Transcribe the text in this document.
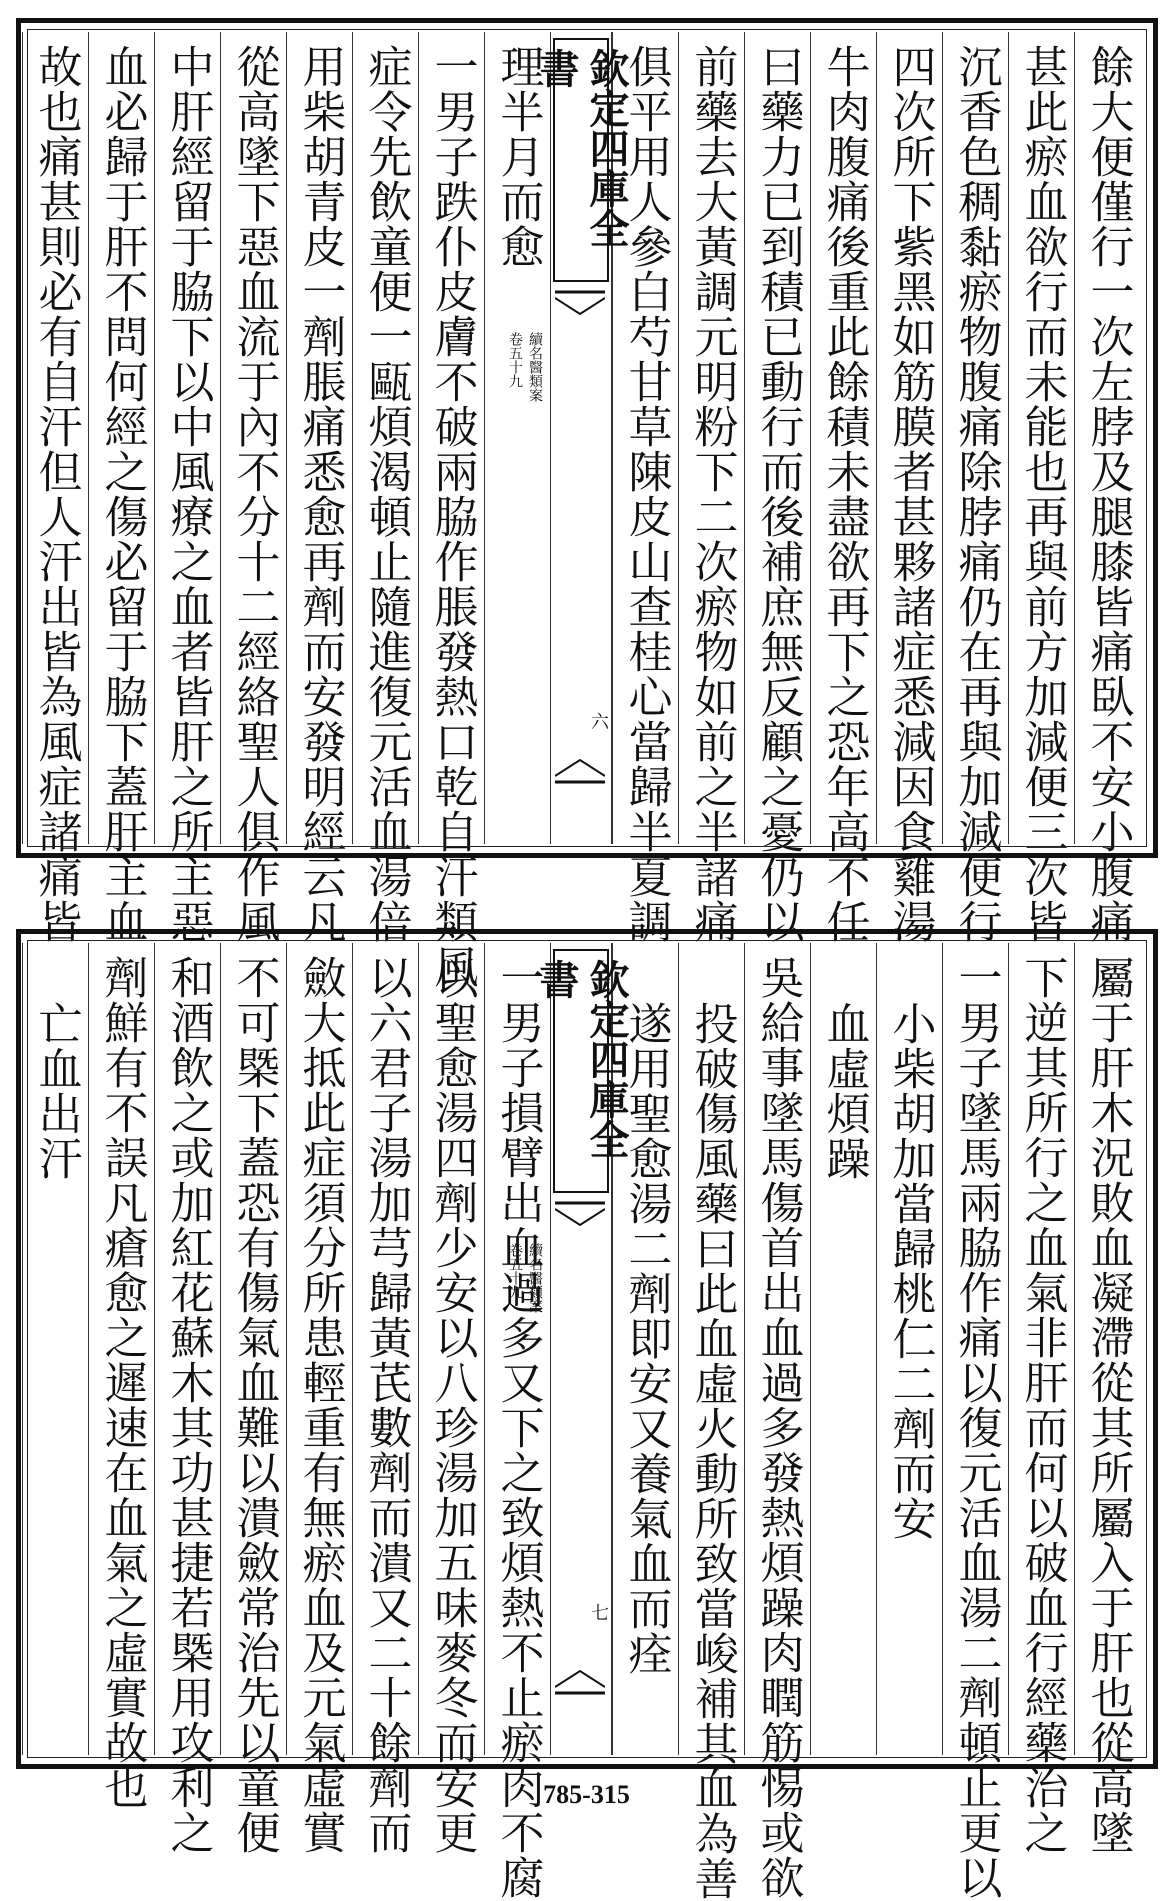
餘大便僅行一次左脖及腿膝皆痛臥不安小腹痛
甚此瘀血欲行而未能也再與前方加減便三次皆
沉香色稠黏瘀物腹痛除脖痛仍在再與加減便行
四次所下紫黑如筋膜者甚夥諸症悉減因食雞湯
牛肉腹痛後重此餘積未盡欲再下之恐年高不任
曰藥力已到積已動行而後補庶無反顧之憂仍以
前藥去大黃調元明粉下二次瘀物如前之半諸痛
俱平用人參白芍甘草陳皮山查桂心當歸半夏調
欽定四庫全書
卷五十九 續名醫類案
六
理半月而愈
一男子跌仆皮膚不破兩脇作脹發熱口乾自汗類風
症令先飲童便一甌煩渴頓止隨進復元活血湯倍
用柴胡青皮一劑脹痛悉愈再劑而安發明經云凡
從高墜下惡血流于內不分十二經絡聖人俱作風
中肝經留于脇下以中風療之血者皆肝之所主惡
血必歸于肝不問何經之傷必留于脇下蓋肝主血
故也痛甚則必有自汗但人汗出皆為風症諸痛皆
屬于肝木況敗血凝滯從其所屬入于肝也從高墜
下逆其所行之血氣非肝而何以破血行經藥治之
一男子墜馬兩脇作痛以復元活血湯二劑頓止更以
小柴胡加當歸桃仁二劑而安
血虛煩躁
吳給事墜馬傷首出血過多發熱煩躁肉瞤筋惕或欲
投破傷風藥曰此血虛火動所致當峻補其血為善
遂用聖愈湯二劑即安又養氣血而痊
欽定四庫全書
卷五十九 續名醫類案
七
一男子損臂出血過多又下之致煩熱不止瘀肉不腐
以聖愈湯四劑少安以八珍湯加五味麥冬而安更
以六君子湯加芎歸黃芪數劑而潰又二十餘劑而
斂大抵此症須分所患輕重有無瘀血及元氣虛實
不可槩下蓋恐有傷氣血難以潰斂常治先以童便
和酒飲之或加紅花蘇木其功甚捷若槩用攻利之
劑鮮有不誤凡瘡愈之遲速在血氣之虛實故也
亡血出汗
785-315
